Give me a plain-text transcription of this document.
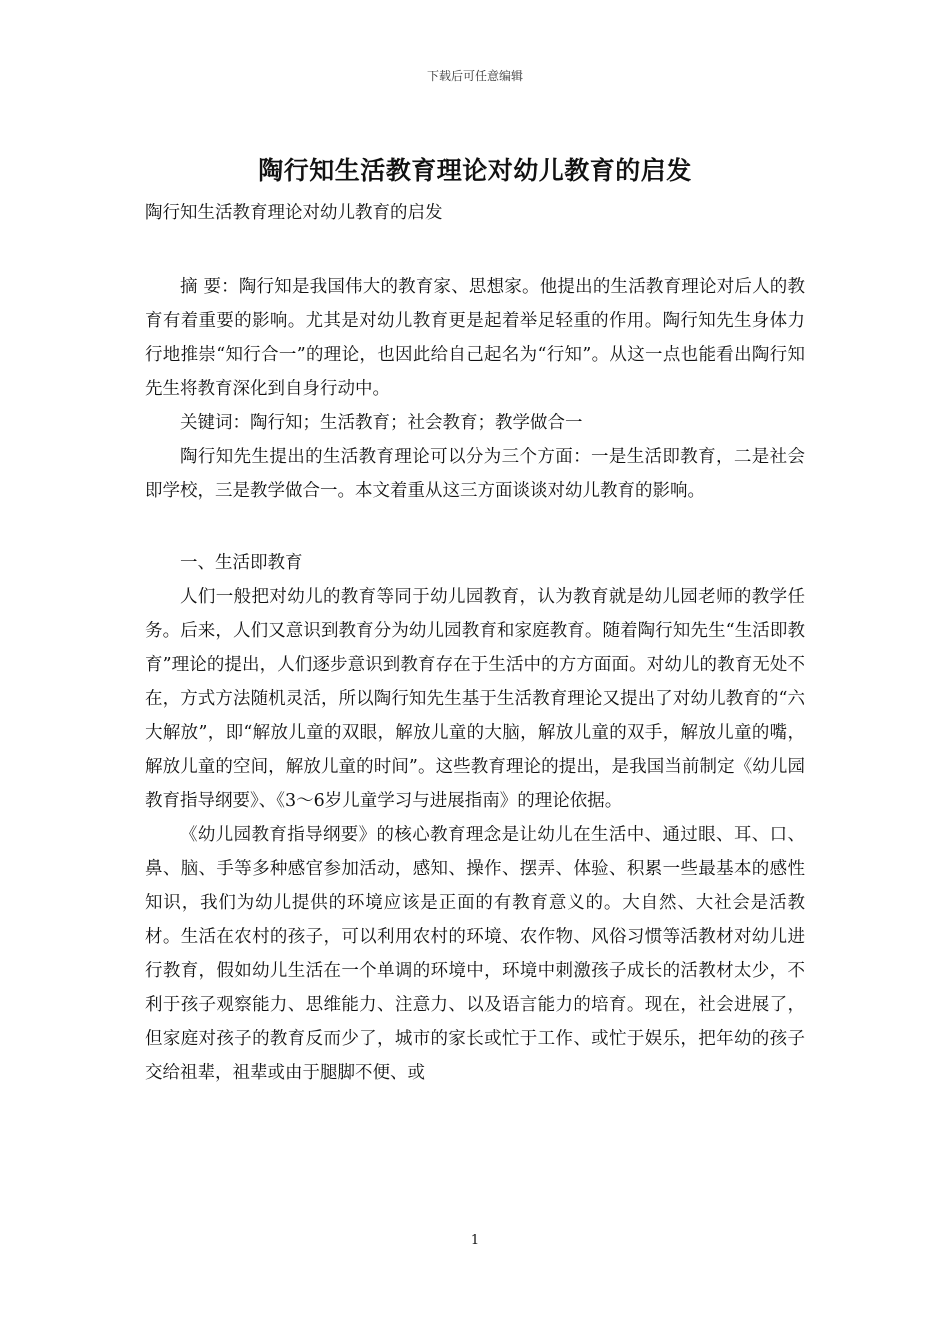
下载后可任意编辑
陶行知生活教育理论对幼儿教育的启发

陶行知生活教育理论对幼儿教育的启发

摘 要：陶行知是我国伟大的教育家、思想家。他提出的生活教育理论对后人的教育有着重要的影响。尤其是对幼儿教育更是起着举足轻重的作用。陶行知先生身体力行地推崇“知行合一”的理论，也因此给自己起名为“行知”。从这一点也能看出陶行知先生将教育深化到自身行动中。

关键词：陶行知；生活教育；社会教育；教学做合一

陶行知先生提出的生活教育理论可以分为三个方面：一是生活即教育，二是社会即学校，三是教学做合一。本文着重从这三方面谈谈对幼儿教育的影响。

一、生活即教育

人们一般把对幼儿的教育等同于幼儿园教育，认为教育就是幼儿园老师的教学任务。后来，人们又意识到教育分为幼儿园教育和家庭教育。随着陶行知先生“生活即教育”理论的提出，人们逐步意识到教育存在于生活中的方方面面。对幼儿的教育无处不在，方式方法随机灵活，所以陶行知先生基于生活教育理论又提出了对幼儿教育的“六大解放”，即“解放儿童的双眼，解放儿童的大脑，解放儿童的双手，解放儿童的嘴，解放儿童的空间，解放儿童的时间”。这些教育理论的提出，是我国当前制定《幼儿园教育指导纲要》、《3～6岁儿童学习与进展指南》的理论依据。

《幼儿园教育指导纲要》的核心教育理念是让幼儿在生活中、通过眼、耳、口、鼻、脑、手等多种感官参加活动，感知、操作、摆弄、体验、积累一些最基本的感性知识，我们为幼儿提供的环境应该是正面的有教育意义的。大自然、大社会是活教材。生活在农村的孩子，可以利用农村的环境、农作物、风俗习惯等活教材对幼儿进行教育，假如幼儿生活在一个单调的环境中，环境中刺激孩子成长的活教材太少，不利于孩子观察能力、思维能力、注意力、以及语言能力的培育。现在，社会进展了，但家庭对孩子的教育反而少了，城市的家长或忙于工作、或忙于娱乐，把年幼的孩子交给祖辈，祖辈或由于腿脚不便、或

1
